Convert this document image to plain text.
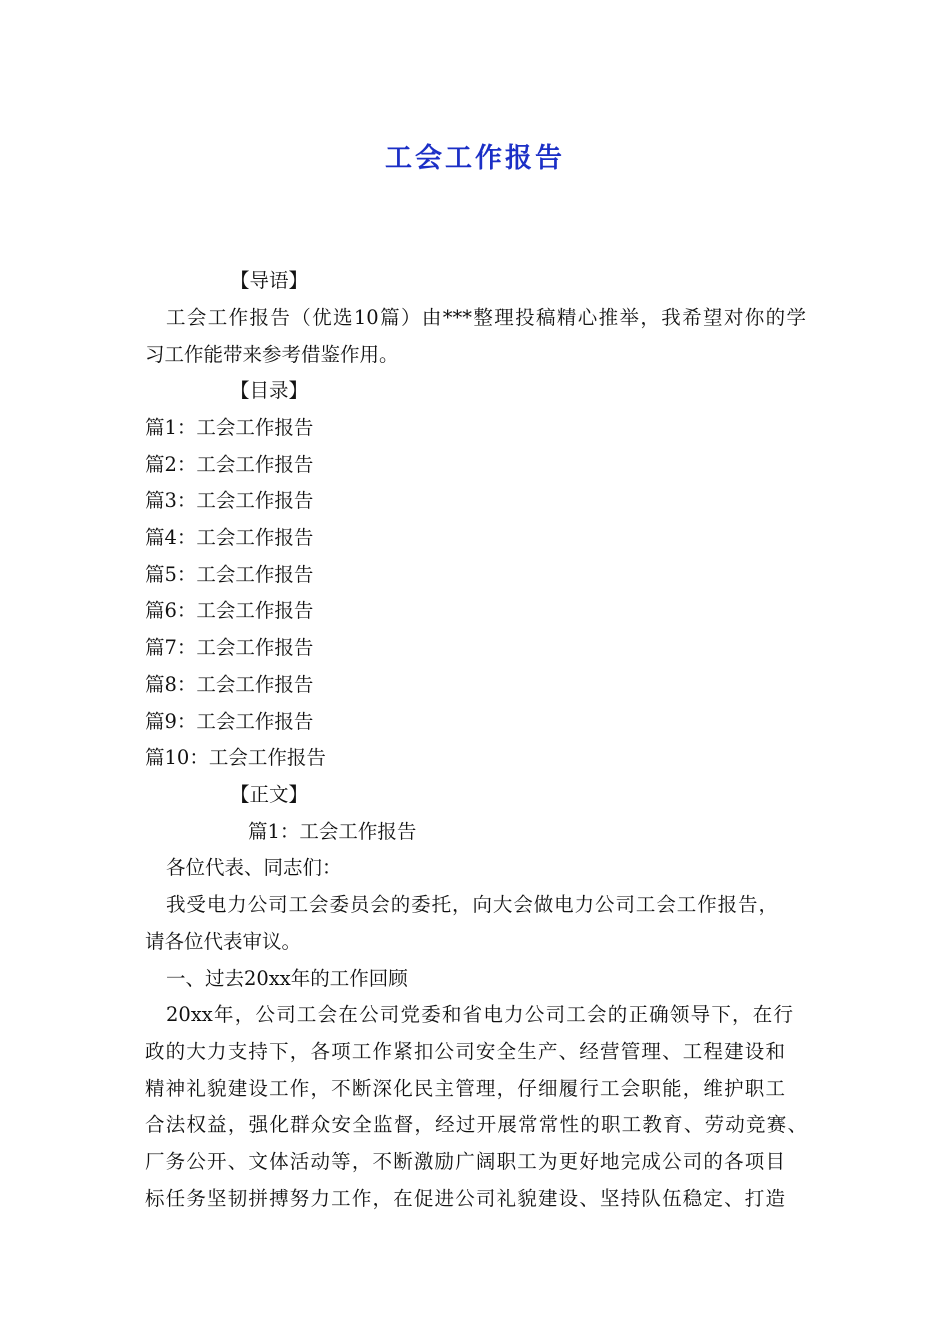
工会工作报告
【导语】
工会工作报告（优选10篇）由***整理投稿精心推举，我希望对你的学
习工作能带来参考借鉴作用。
【目录】
篇1：工会工作报告
篇2：工会工作报告
篇3：工会工作报告
篇4：工会工作报告
篇5：工会工作报告
篇6：工会工作报告
篇7：工会工作报告
篇8：工会工作报告
篇9：工会工作报告
篇10：工会工作报告
【正文】
篇1：工会工作报告
各位代表、同志们：
我受电力公司工会委员会的委托，向大会做电力公司工会工作报告，
请各位代表审议。
一、过去20xx年的工作回顾
20xx年，公司工会在公司党委和省电力公司工会的正确领导下，在行
政的大力支持下，各项工作紧扣公司安全生产、经营管理、工程建设和
精神礼貌建设工作，不断深化民主管理，仔细履行工会职能，维护职工
合法权益，强化群众安全监督，经过开展常常性的职工教育、劳动竞赛、
厂务公开、文体活动等，不断激励广阔职工为更好地完成公司的各项目
标任务坚韧拼搏努力工作，在促进公司礼貌建设、坚持队伍稳定、打造
